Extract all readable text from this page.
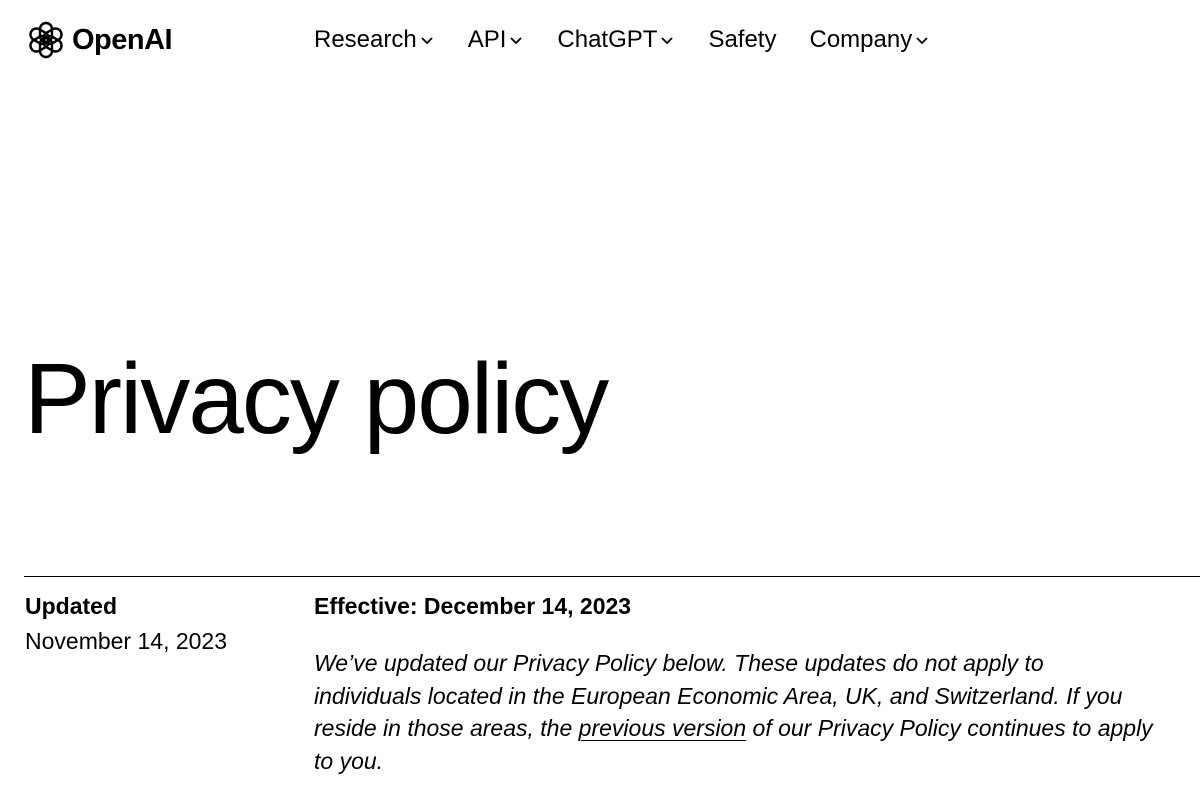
OpenAI	Research API ChatGPT Safety Company
Privacy policy
Updated
November 14, 2023
Effective: December 14, 2023

We’ve updated our Privacy Policy below. These updates do not apply to individuals located in the European Economic Area, UK, and Switzerland. If you reside in those areas, the previous version of our Privacy Policy continues to apply to you.
